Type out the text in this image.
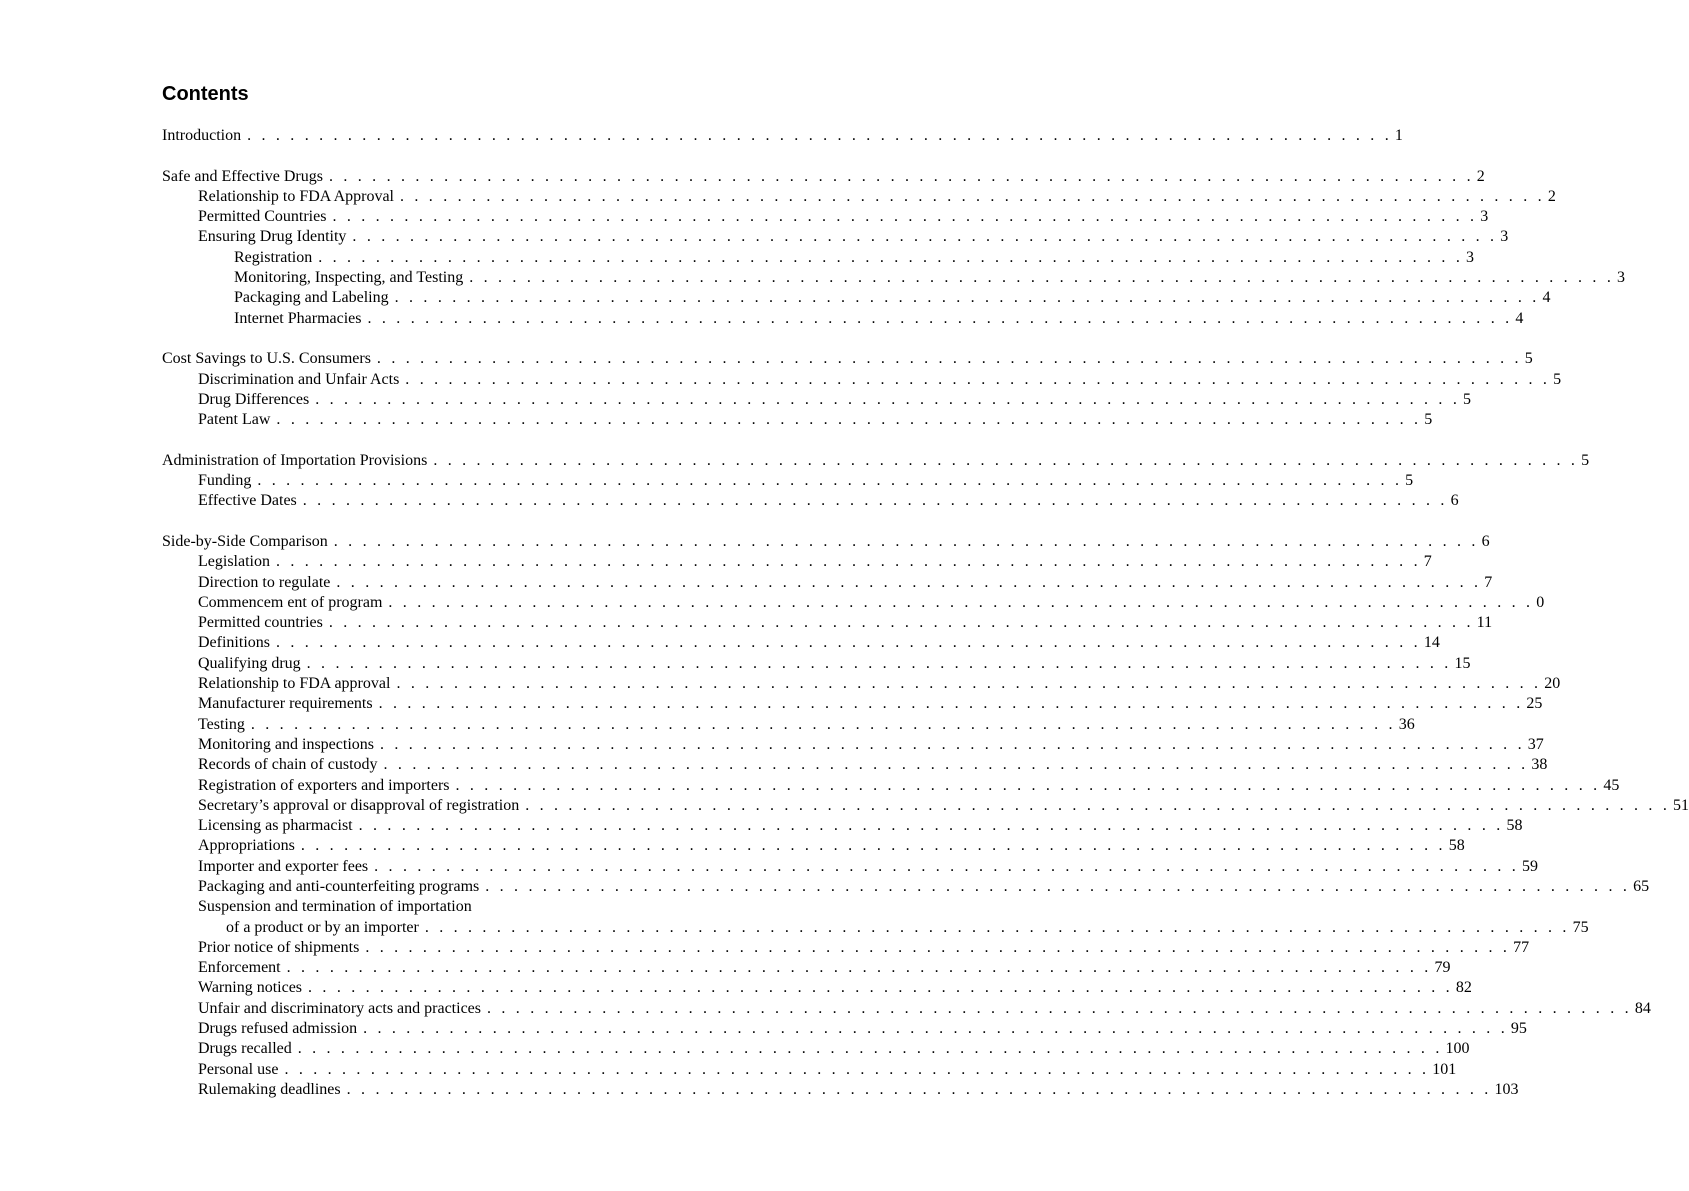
Contents
Introduction . . . . . . . . . . . . . . . . . . . . . . . . . . . . . . . . . . . . . . . . . . . . . . . . . . . . . . . . . . . . . . . . . . . . . . . . . . . . . . . . 1
Safe and Effective Drugs . . . . . . . . . . . . . . . . . . . . . . . . . . . . . . . . . . . . . . . . . . . . . . . . . . . . . . . . . . . . . . . . . . . . . . . . . . . . . . . . 2
Relationship to FDA Approval . . . . . . . . . . . . . . . . . . . . . . . . . . . . . . . . . . . . . . . . . . . . . . . . . . . . . . . . . . . . . . . . . . . . . . . . . . . . . . . . 2
Permitted Countries . . . . . . . . . . . . . . . . . . . . . . . . . . . . . . . . . . . . . . . . . . . . . . . . . . . . . . . . . . . . . . . . . . . . . . . . . . . . . . . . 3
Ensuring Drug Identity . . . . . . . . . . . . . . . . . . . . . . . . . . . . . . . . . . . . . . . . . . . . . . . . . . . . . . . . . . . . . . . . . . . . . . . . . . . . . . . . 3
Registration . . . . . . . . . . . . . . . . . . . . . . . . . . . . . . . . . . . . . . . . . . . . . . . . . . . . . . . . . . . . . . . . . . . . . . . . . . . . . . . . 3
Monitoring, Inspecting, and Testing . . . . . . . . . . . . . . . . . . . . . . . . . . . . . . . . . . . . . . . . . . . . . . . . . . . . . . . . . . . . . . . . . . . . . . . . . . . . . . . . 3
Packaging and Labeling . . . . . . . . . . . . . . . . . . . . . . . . . . . . . . . . . . . . . . . . . . . . . . . . . . . . . . . . . . . . . . . . . . . . . . . . . . . . . . . . 4
Internet Pharmacies . . . . . . . . . . . . . . . . . . . . . . . . . . . . . . . . . . . . . . . . . . . . . . . . . . . . . . . . . . . . . . . . . . . . . . . . . . . . . . . . 4
Cost Savings to U.S. Consumers . . . . . . . . . . . . . . . . . . . . . . . . . . . . . . . . . . . . . . . . . . . . . . . . . . . . . . . . . . . . . . . . . . . . . . . . . . . . . . . . 5
Discrimination and Unfair Acts . . . . . . . . . . . . . . . . . . . . . . . . . . . . . . . . . . . . . . . . . . . . . . . . . . . . . . . . . . . . . . . . . . . . . . . . . . . . . . . . 5
Drug Differences . . . . . . . . . . . . . . . . . . . . . . . . . . . . . . . . . . . . . . . . . . . . . . . . . . . . . . . . . . . . . . . . . . . . . . . . . . . . . . . . 5
Patent Law . . . . . . . . . . . . . . . . . . . . . . . . . . . . . . . . . . . . . . . . . . . . . . . . . . . . . . . . . . . . . . . . . . . . . . . . . . . . . . . . 5
Administration of Importation Provisions . . . . . . . . . . . . . . . . . . . . . . . . . . . . . . . . . . . . . . . . . . . . . . . . . . . . . . . . . . . . . . . . . . . . . . . . . . . . . . . . 5
Funding . . . . . . . . . . . . . . . . . . . . . . . . . . . . . . . . . . . . . . . . . . . . . . . . . . . . . . . . . . . . . . . . . . . . . . . . . . . . . . . . 5
Effective Dates . . . . . . . . . . . . . . . . . . . . . . . . . . . . . . . . . . . . . . . . . . . . . . . . . . . . . . . . . . . . . . . . . . . . . . . . . . . . . . . . 6
Side-by-Side Comparison . . . . . . . . . . . . . . . . . . . . . . . . . . . . . . . . . . . . . . . . . . . . . . . . . . . . . . . . . . . . . . . . . . . . . . . . . . . . . . . . 6
Legislation . . . . . . . . . . . . . . . . . . . . . . . . . . . . . . . . . . . . . . . . . . . . . . . . . . . . . . . . . . . . . . . . . . . . . . . . . . . . . . . . 7
Direction to regulate . . . . . . . . . . . . . . . . . . . . . . . . . . . . . . . . . . . . . . . . . . . . . . . . . . . . . . . . . . . . . . . . . . . . . . . . . . . . . . . . 7
Commencem ent of program . . . . . . . . . . . . . . . . . . . . . . . . . . . . . . . . . . . . . . . . . . . . . . . . . . . . . . . . . . . . . . . . . . . . . . . . . . . . . . . . 0
Permitted countries . . . . . . . . . . . . . . . . . . . . . . . . . . . . . . . . . . . . . . . . . . . . . . . . . . . . . . . . . . . . . . . . . . . . . . . . . . . . . . . . 11
Definitions . . . . . . . . . . . . . . . . . . . . . . . . . . . . . . . . . . . . . . . . . . . . . . . . . . . . . . . . . . . . . . . . . . . . . . . . . . . . . . . . 14
Qualifying drug . . . . . . . . . . . . . . . . . . . . . . . . . . . . . . . . . . . . . . . . . . . . . . . . . . . . . . . . . . . . . . . . . . . . . . . . . . . . . . . . 15
Relationship to FDA approval . . . . . . . . . . . . . . . . . . . . . . . . . . . . . . . . . . . . . . . . . . . . . . . . . . . . . . . . . . . . . . . . . . . . . . . . . . . . . . . . 20
Manufacturer requirements . . . . . . . . . . . . . . . . . . . . . . . . . . . . . . . . . . . . . . . . . . . . . . . . . . . . . . . . . . . . . . . . . . . . . . . . . . . . . . . . 25
Testing . . . . . . . . . . . . . . . . . . . . . . . . . . . . . . . . . . . . . . . . . . . . . . . . . . . . . . . . . . . . . . . . . . . . . . . . . . . . . . . . 36
Monitoring and inspections . . . . . . . . . . . . . . . . . . . . . . . . . . . . . . . . . . . . . . . . . . . . . . . . . . . . . . . . . . . . . . . . . . . . . . . . . . . . . . . . 37
Records of chain of custody . . . . . . . . . . . . . . . . . . . . . . . . . . . . . . . . . . . . . . . . . . . . . . . . . . . . . . . . . . . . . . . . . . . . . . . . . . . . . . . . 38
Registration of exporters and importers . . . . . . . . . . . . . . . . . . . . . . . . . . . . . . . . . . . . . . . . . . . . . . . . . . . . . . . . . . . . . . . . . . . . . . . . . . . . . . . . 45
Secretary’s approval or disapproval of registration . . . . . . . . . . . . . . . . . . . . . . . . . . . . . . . . . . . . . . . . . . . . . . . . . . . . . . . . . . . . . . . . . . . . . . . . . . . . . . . . 51
Licensing as pharmacist . . . . . . . . . . . . . . . . . . . . . . . . . . . . . . . . . . . . . . . . . . . . . . . . . . . . . . . . . . . . . . . . . . . . . . . . . . . . . . . . 58
Appropriations . . . . . . . . . . . . . . . . . . . . . . . . . . . . . . . . . . . . . . . . . . . . . . . . . . . . . . . . . . . . . . . . . . . . . . . . . . . . . . . . 58
Importer and exporter fees . . . . . . . . . . . . . . . . . . . . . . . . . . . . . . . . . . . . . . . . . . . . . . . . . . . . . . . . . . . . . . . . . . . . . . . . . . . . . . . . 59
Packaging and anti-counterfeiting programs . . . . . . . . . . . . . . . . . . . . . . . . . . . . . . . . . . . . . . . . . . . . . . . . . . . . . . . . . . . . . . . . . . . . . . . . . . . . . . . . 65
Suspension and termination of importation
of a product or by an importer . . . . . . . . . . . . . . . . . . . . . . . . . . . . . . . . . . . . . . . . . . . . . . . . . . . . . . . . . . . . . . . . . . . . . . . . . . . . . . . . 75
Prior notice of shipments . . . . . . . . . . . . . . . . . . . . . . . . . . . . . . . . . . . . . . . . . . . . . . . . . . . . . . . . . . . . . . . . . . . . . . . . . . . . . . . . 77
Enforcement . . . . . . . . . . . . . . . . . . . . . . . . . . . . . . . . . . . . . . . . . . . . . . . . . . . . . . . . . . . . . . . . . . . . . . . . . . . . . . . . 79
Warning notices . . . . . . . . . . . . . . . . . . . . . . . . . . . . . . . . . . . . . . . . . . . . . . . . . . . . . . . . . . . . . . . . . . . . . . . . . . . . . . . . 82
Unfair and discriminatory acts and practices . . . . . . . . . . . . . . . . . . . . . . . . . . . . . . . . . . . . . . . . . . . . . . . . . . . . . . . . . . . . . . . . . . . . . . . . . . . . . . . . 84
Drugs refused admission . . . . . . . . . . . . . . . . . . . . . . . . . . . . . . . . . . . . . . . . . . . . . . . . . . . . . . . . . . . . . . . . . . . . . . . . . . . . . . . . 95
Drugs recalled . . . . . . . . . . . . . . . . . . . . . . . . . . . . . . . . . . . . . . . . . . . . . . . . . . . . . . . . . . . . . . . . . . . . . . . . . . . . . . . . 100
Personal use . . . . . . . . . . . . . . . . . . . . . . . . . . . . . . . . . . . . . . . . . . . . . . . . . . . . . . . . . . . . . . . . . . . . . . . . . . . . . . . . 101
Rulemaking deadlines . . . . . . . . . . . . . . . . . . . . . . . . . . . . . . . . . . . . . . . . . . . . . . . . . . . . . . . . . . . . . . . . . . . . . . . . . . . . . . . . 103
